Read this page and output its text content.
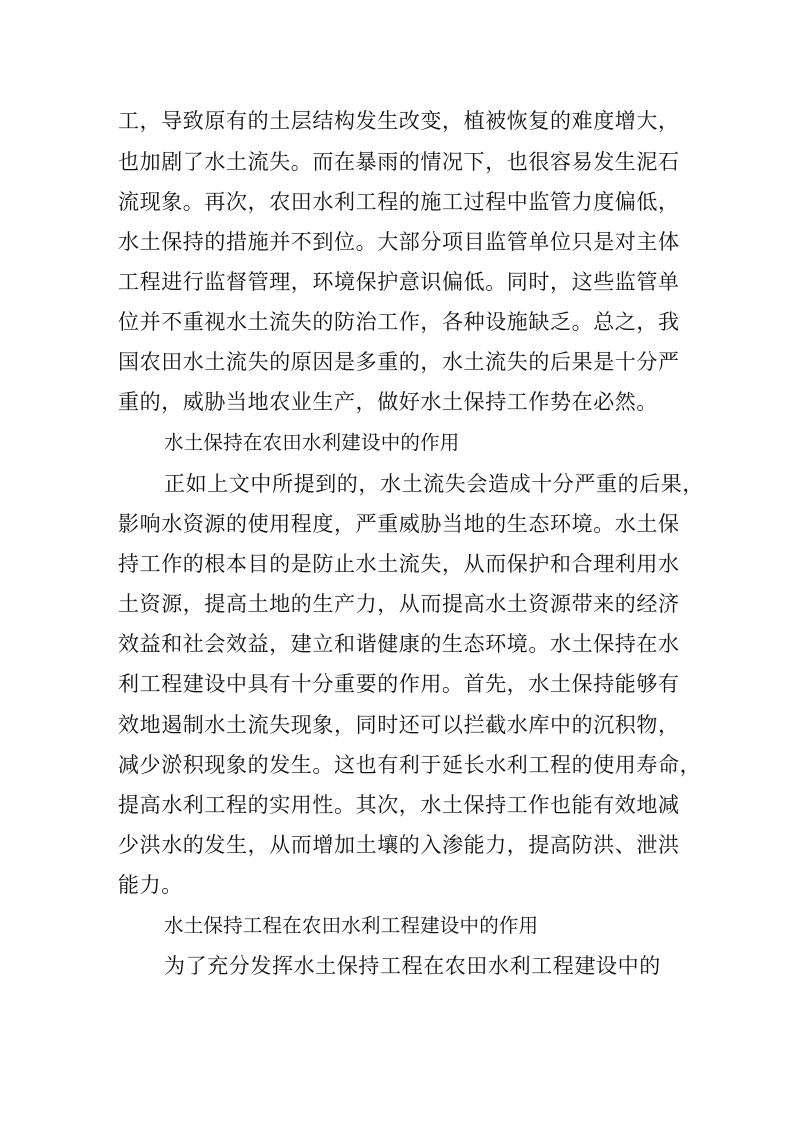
工，导致原有的土层结构发生改变，植被恢复的难度增大，
也加剧了水土流失。而在暴雨的情况下，也很容易发生泥石
流现象。再次，农田水利工程的施工过程中监管力度偏低，
水土保持的措施并不到位。大部分项目监管单位只是对主体
工程进行监督管理，环境保护意识偏低。同时，这些监管单
位并不重视水土流失的防治工作，各种设施缺乏。总之，我
国农田水土流失的原因是多重的，水土流失的后果是十分严
重的，威胁当地农业生产，做好水土保持工作势在必然。
水土保持在农田水利建设中的作用
正如上文中所提到的，水土流失会造成十分严重的后果，
影响水资源的使用程度，严重威胁当地的生态环境。水土保
持工作的根本目的是防止水土流失，从而保护和合理利用水
土资源，提高土地的生产力，从而提高水土资源带来的经济
效益和社会效益，建立和谐健康的生态环境。水土保持在水
利工程建设中具有十分重要的作用。首先，水土保持能够有
效地遏制水土流失现象，同时还可以拦截水库中的沉积物，
减少淤积现象的发生。这也有利于延长水利工程的使用寿命，
提高水利工程的实用性。其次，水土保持工作也能有效地减
少洪水的发生，从而增加土壤的入渗能力，提高防洪、泄洪
能力。
水土保持工程在农田水利工程建设中的作用
为了充分发挥水土保持工程在农田水利工程建设中的
